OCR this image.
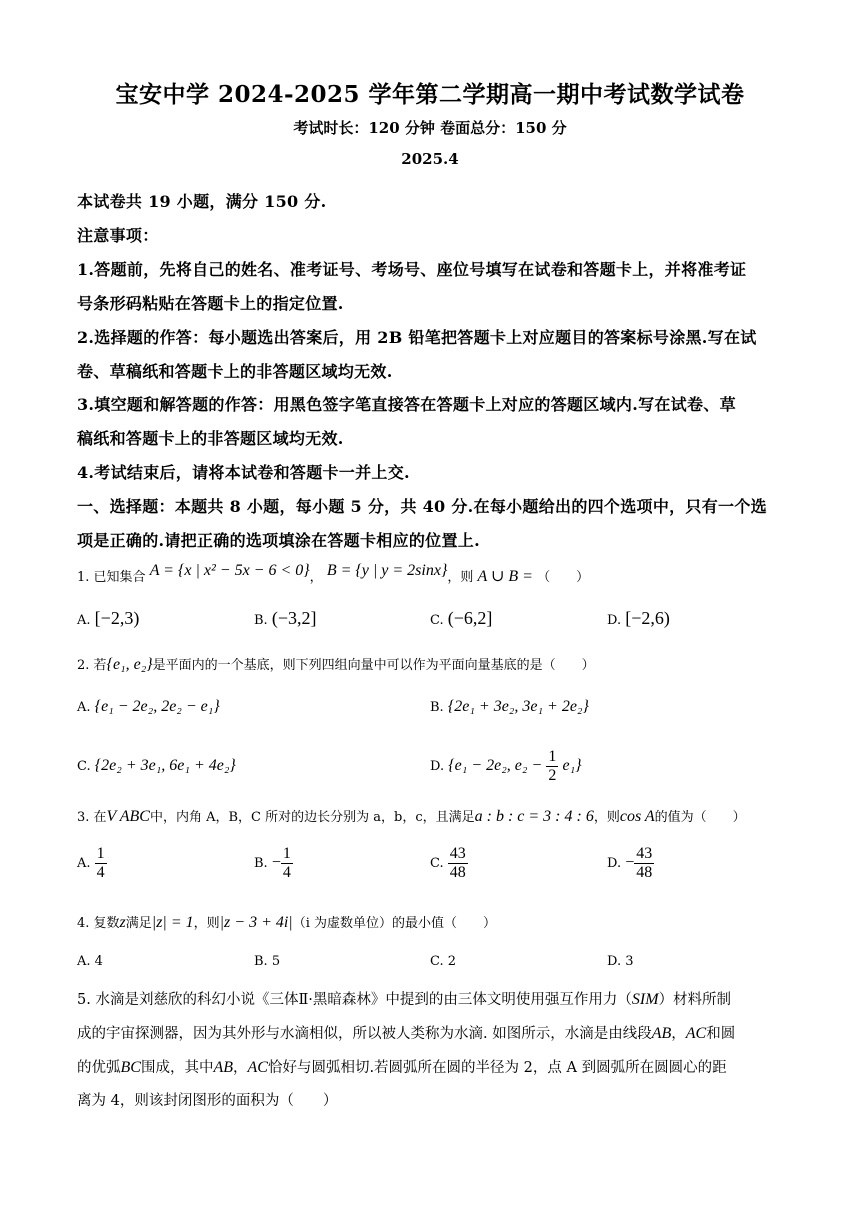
宝安中学 2024-2025 学年第二学期高一期中考试数学试卷
考试时长：120 分钟 卷面总分：150 分
2025.4
本试卷共 19 小题，满分 150 分.
注意事项：
1.答题前，先将自己的姓名、准考证号、考场号、座位号填写在试卷和答题卡上，并将准考证
号条形码粘贴在答题卡上的指定位置.
2.选择题的作答：每小题选出答案后，用 2B 铅笔把答题卡上对应题目的答案标号涂黑.写在试
卷、草稿纸和答题卡上的非答题区域均无效.
3.填空题和解答题的作答：用黑色签字笔直接答在答题卡上对应的答题区域内.写在试卷、草
稿纸和答题卡上的非答题区域均无效.
4.考试结束后，请将本试卷和答题卡一并上交.
一、选择题：本题共 8 小题，每小题 5 分，共 40 分.在每小题给出的四个选项中，只有一个选
项是正确的.请把正确的选项填涂在答题卡相应的位置上.
1. 已知集合 A = {x | x² − 5x − 6 < 0}， B = {y | y = 2sinx}，则 A ∪ B = （　　）
A. [−2,3)	B. (−3,2]	C. (−6,2]	D. [−2,6)
2. 若{e₁, e₂}是平面内的一个基底，则下列四组向量中可以作为平面向量基底的是（　　）
A. {e₁ − 2e₂, 2e₂ − e₁}	B. {2e₁ + 3e₂, 3e₁ + 2e₂}
C. {2e₂ + 3e₁, 6e₁ + 4e₂}	D. {e₁ − 2e₂, $e_2 - \frac{1}{2} e_1$}
3. 在V ABC中，内角 A，B，C 所对的边长分别为 a，b，c，且满足a : b : c = 3 : 4 : 6，则cos A的值为（　　）
A. $\frac{1}{4}$	B. − $\frac{1}{4}$	C. $\frac{43}{48}$	D. − $\frac{43}{48}$
4. 复数z满足|z| = 1，则|z − 3 + 4i|（i 为虚数单位）的最小值（　　）
A. 4	B. 5	C. 2	D. 3
5. 水滴是刘慈欣的科幻小说《三体Ⅱ·黑暗森林》中提到的由三体文明使用强互作用力（SIM）材料所制
成的宇宙探测器，因为其外形与水滴相似，所以被人类称为水滴. 如图所示，水滴是由线段AB，AC和圆
的优弧BC围成，其中AB，AC恰好与圆弧相切.若圆弧所在圆的半径为 2，点 A 到圆弧所在圆圆心的距
离为 4，则该封闭图形的面积为（　　）
